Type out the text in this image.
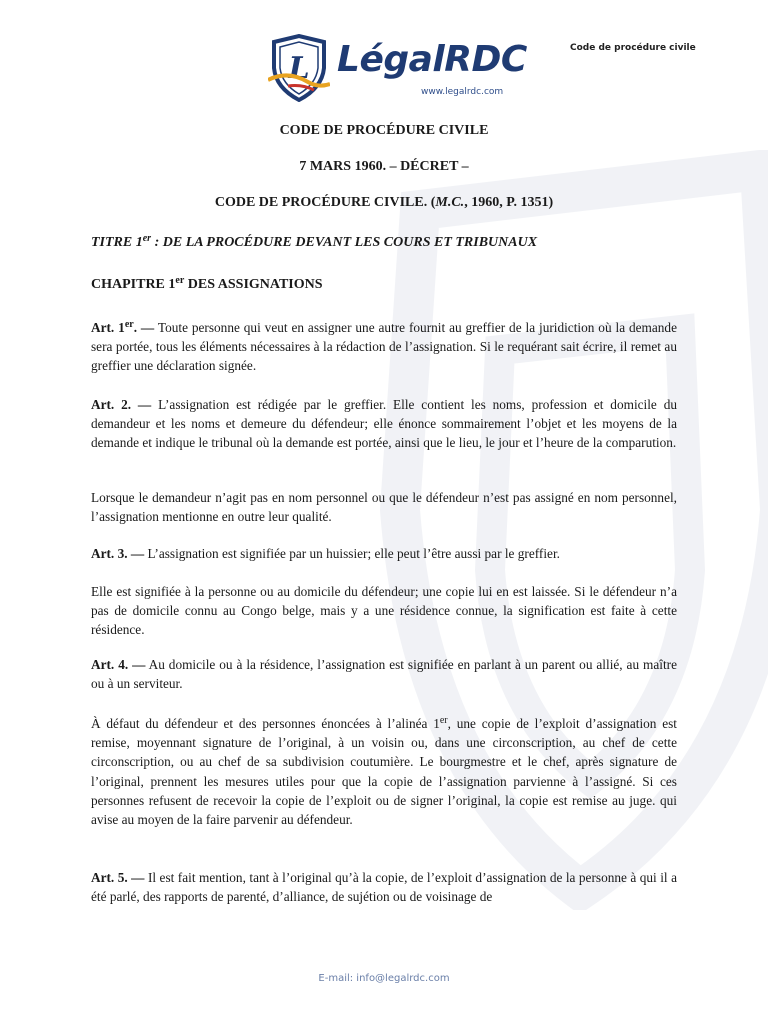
L LégalRDC
www.legalrdc.com
Code de procédure civile
CODE DE PROCÉDURE CIVILE
7 MARS 1960. – DÉCRET –
CODE DE PROCÉDURE CIVILE. (M.C., 1960, P. 1351)
TITRE 1er : DE LA PROCÉDURE DEVANT LES COURS ET TRIBUNAUX
CHAPITRE 1er DES ASSIGNATIONS
Art. 1er. — Toute personne qui veut en assigner une autre fournit au greffier de la juridiction où la demande sera portée, tous les éléments nécessaires à la rédaction de l’assignation. Si le requérant sait écrire, il remet au greffier une déclaration signée.
Art. 2. — L’assignation est rédigée par le greffier. Elle contient les noms, profession et domicile du demandeur et les noms et demeure du défendeur; elle énonce sommairement l’objet et les moyens de la demande et indique le tribunal où la demande est portée, ainsi que le lieu, le jour et l’heure de la comparution.
Lorsque le demandeur n’agit pas en nom personnel ou que le défendeur n’est pas assigné en nom personnel, l’assignation mentionne en outre leur qualité.
Art. 3. — L’assignation est signifiée par un huissier; elle peut l’être aussi par le greffier.
Elle est signifiée à la personne ou au domicile du défendeur; une copie lui en est laissée. Si le défendeur n’a pas de domicile connu au Congo belge, mais y a une résidence connue, la signification est faite à cette résidence.
Art. 4. — Au domicile ou à la résidence, l’assignation est signifiée en parlant à un parent ou allié, au maître ou à un serviteur.
À défaut du défendeur et des personnes énoncées à l’alinéa 1er, une copie de l’exploit d’assignation est remise, moyennant signature de l’original, à un voisin ou, dans une circonscription, au chef de cette circonscription, ou au chef de sa subdivision coutumière. Le bourgmestre et le chef, après signature de l’original, prennent les mesures utiles pour que la copie de l’assignation parvienne à l’assigné. Si ces personnes refusent de recevoir la copie de l’exploit ou de signer l’original, la copie est remise au juge. qui avise au moyen de la faire parvenir au défendeur.
Art. 5. — Il est fait mention, tant à l’original qu’à la copie, de l’exploit d’assignation de la personne à qui il a été parlé, des rapports de parenté, d’alliance, de sujétion ou de voisinage de
E-mail: info@legalrdc.com
